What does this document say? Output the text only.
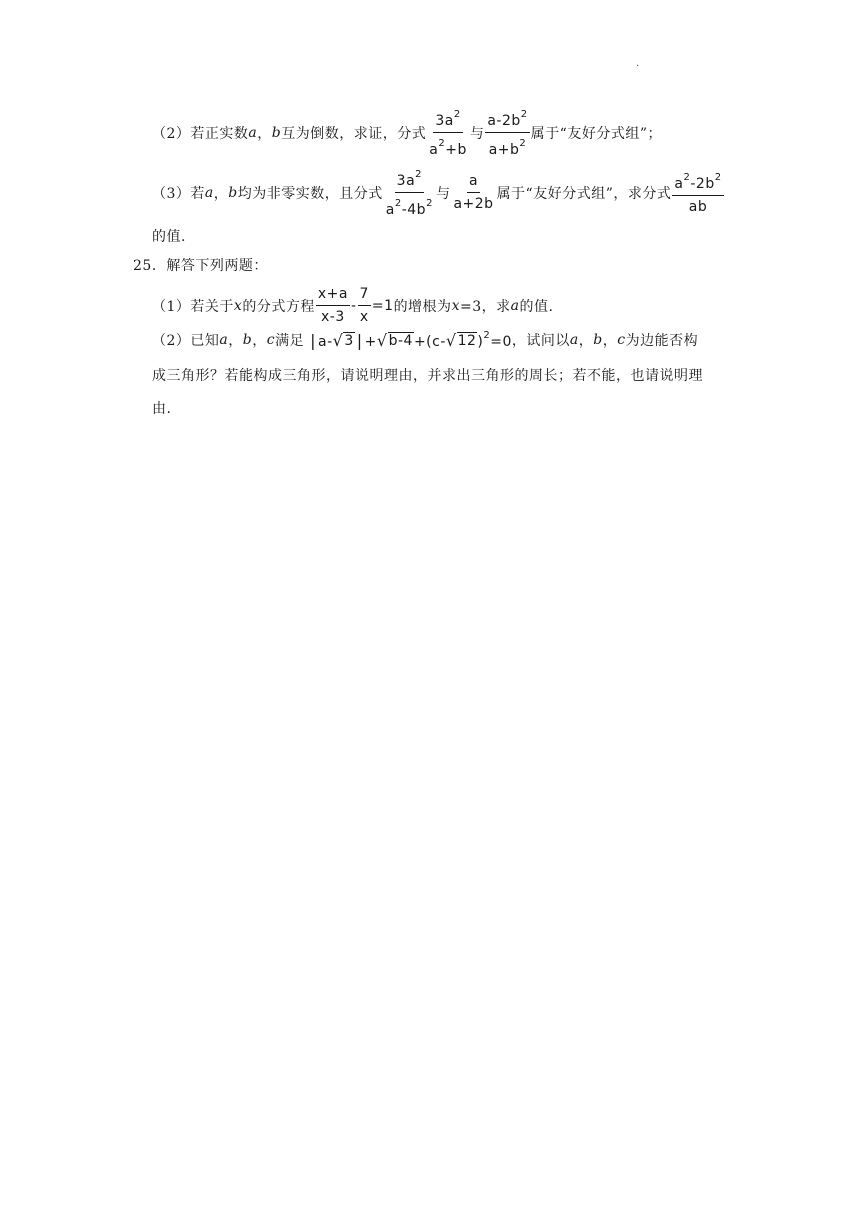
.
（2）若正实数 a ， b 互为倒数，求证，分式 $\frac{3a^2}{a^2+b}$ 与 $\frac{a-2b^2}{a+b^2}$ 属于“友好分式组”；
（3）若 a ， b 均为非零实数，且分式 $\frac{3a^2}{a^2-4b^2}$ 与 $\frac{a}{a+2b}$ 属于“友好分式组”，求分式 $\frac{a^2-2b^2}{ab}$
的值.
25．解答下列两题：
（1）若关于 x 的分式方程 $\frac{x+a}{x-3} - \frac{7}{x} =1$ 的增根为 x =3，求 a 的值.
（2）已知 a ， b ， c 满足 | a- √ 3 | + √ b-4 +(c- √ 12 )$^2$=0 ，试问以 a ， b ， c 为边能否构
成三角形？若能构成三角形，请说明理由，并求出三角形的周长；若不能，也请说明理
由.
